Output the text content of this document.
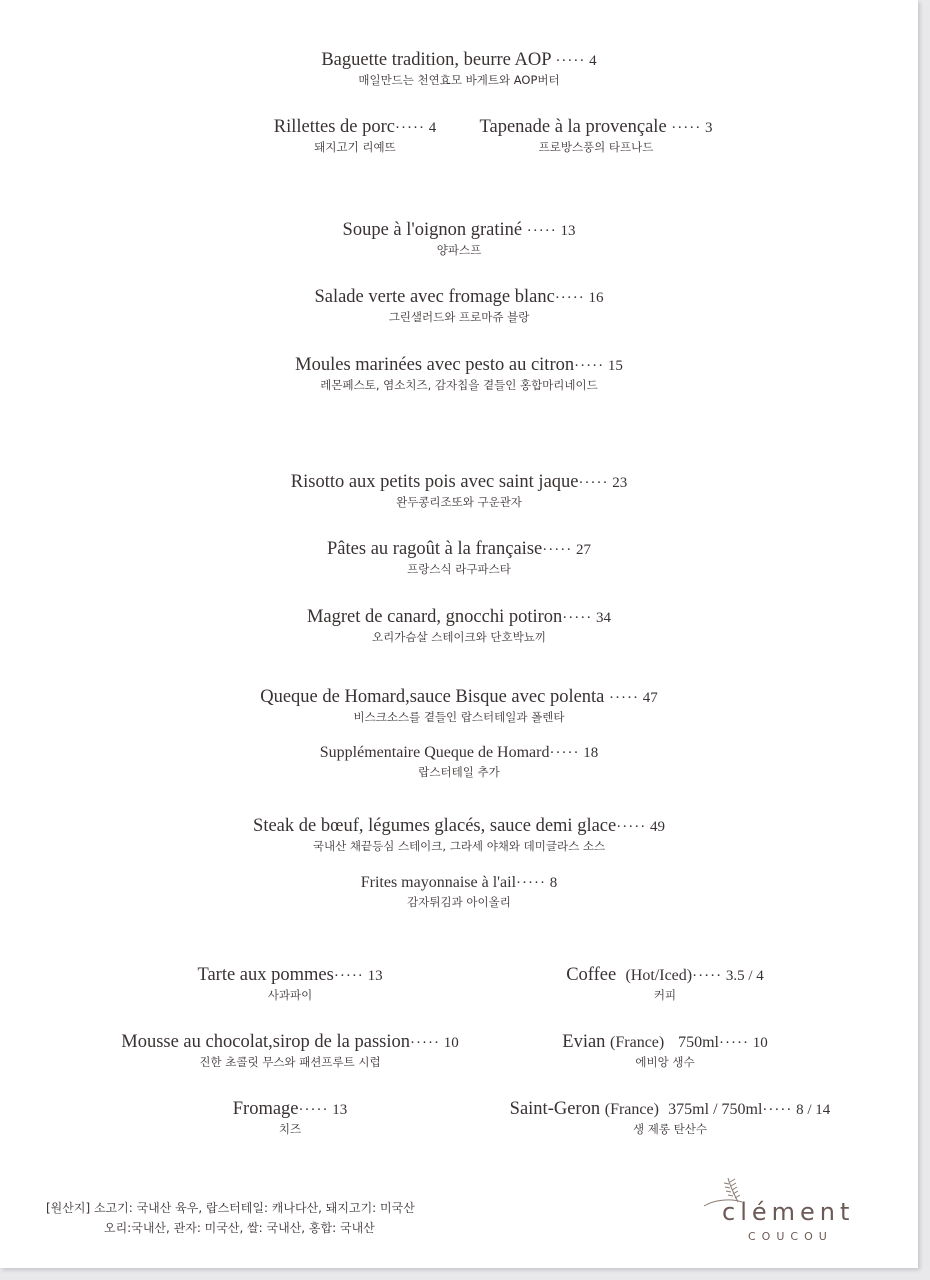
Baguette tradition, beurre AOP ····· 4
매일만드는 천연효모 바게트와 AOP버터
Rillettes de porc····· 4
돼지고기 리예뜨
Tapenade à la provençale ····· 3
프로방스풍의 타프나드
Soupe à l'oignon gratiné ····· 13
양파스프
Salade verte avec fromage blanc····· 16
그린샐러드와 프로마쥬 블랑
Moules marinées avec pesto au citron····· 15
레몬페스토, 염소치즈, 감자칩을 곁들인 홍합마리네이드
Risotto aux petits pois avec saint jaque····· 23
완두콩리조또와 구운관자
Pâtes au ragoût à la française····· 27
프랑스식 라구파스타
Magret de canard, gnocchi potiron····· 34
오리가슴살 스테이크와 단호박뇨끼
Queque de Homard,sauce Bisque avec polenta ····· 47
비스크소스를 곁들인 랍스터테일과 폴렌타
Supplémentaire Queque de Homard····· 18
랍스터테일 추가
Steak de bœuf, légumes glacés, sauce demi glace····· 49
국내산 채끝등심 스테이크, 그라세 야채와 데미글라스 소스
Frites mayonnaise à l'ail····· 8
감자튀김과 아이올리
Tarte aux pommes····· 13
사과파이
Mousse au chocolat,sirop de la passion····· 10
진한 초콜릿 무스와 패션프루트 시럽
Fromage····· 13
치즈
Coffee (Hot/Iced)····· 3.5 / 4
커피
Evian (France) 750ml····· 10
에비앙 생수
Saint-Geron (France) 375ml / 750ml····· 8 / 14
생 제롱 탄산수
[원산지] 소고기: 국내산 육우, 랍스터테일: 캐나다산, 돼지고기: 미국산
오리:국내산, 관자: 미국산, 쌀: 국내산, 홍합: 국내산
clément
COUCOU
